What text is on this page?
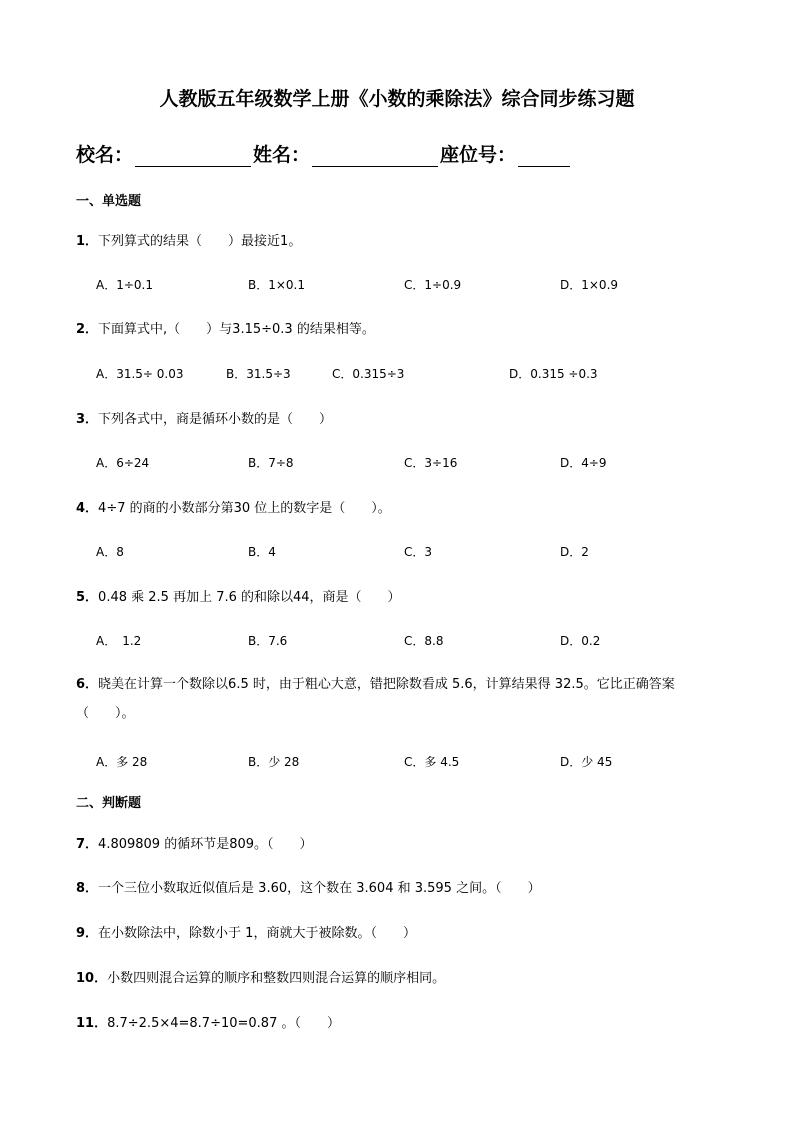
人教版五年级数学上册《小数的乘除法》综合同步练习题
校名：	姓名：	座位号：
一、单选题
1．下列算式的结果（　　）最接近1。
A．1÷0.1	B．1×0.1	C．1÷0.9	D．1×0.9
2．下面算式中,（　　）与3.15÷0.3 的结果相等。
A．31.5÷ 0.03	B．31.5÷3	C．0.315÷3	D．0.315 ÷0.3
3．下列各式中，商是循环小数的是（　　）
A．6÷24	B．7÷8	C．3÷16	D．4÷9
4．4÷7 的商的小数部分第30 位上的数字是（　　）。
A．8	B．4	C．3	D．2
5．0.48 乘 2.5 再加上 7.6 的和除以44，商是（　　）
A．　1.2	B．7.6	C．8.8	D．0.2
6．晓美在计算一个数除以6.5 时，由于粗心大意，错把除数看成 5.6，计算结果得 32.5。它比正确答案（　　）。
A．多 28	B．少 28	C．多 4.5	D．少 45
二、判断题
7．4.809809 的循环节是809。（　　）
8．一个三位小数取近似值后是 3.60，这个数在 3.604 和 3.595 之间。（　　）
9．在小数除法中，除数小于 1，商就大于被除数。（　　）
10．小数四则混合运算的顺序和整数四则混合运算的顺序相同。
11．8.7÷2.5×4=8.7÷10=0.87 。（　　）
